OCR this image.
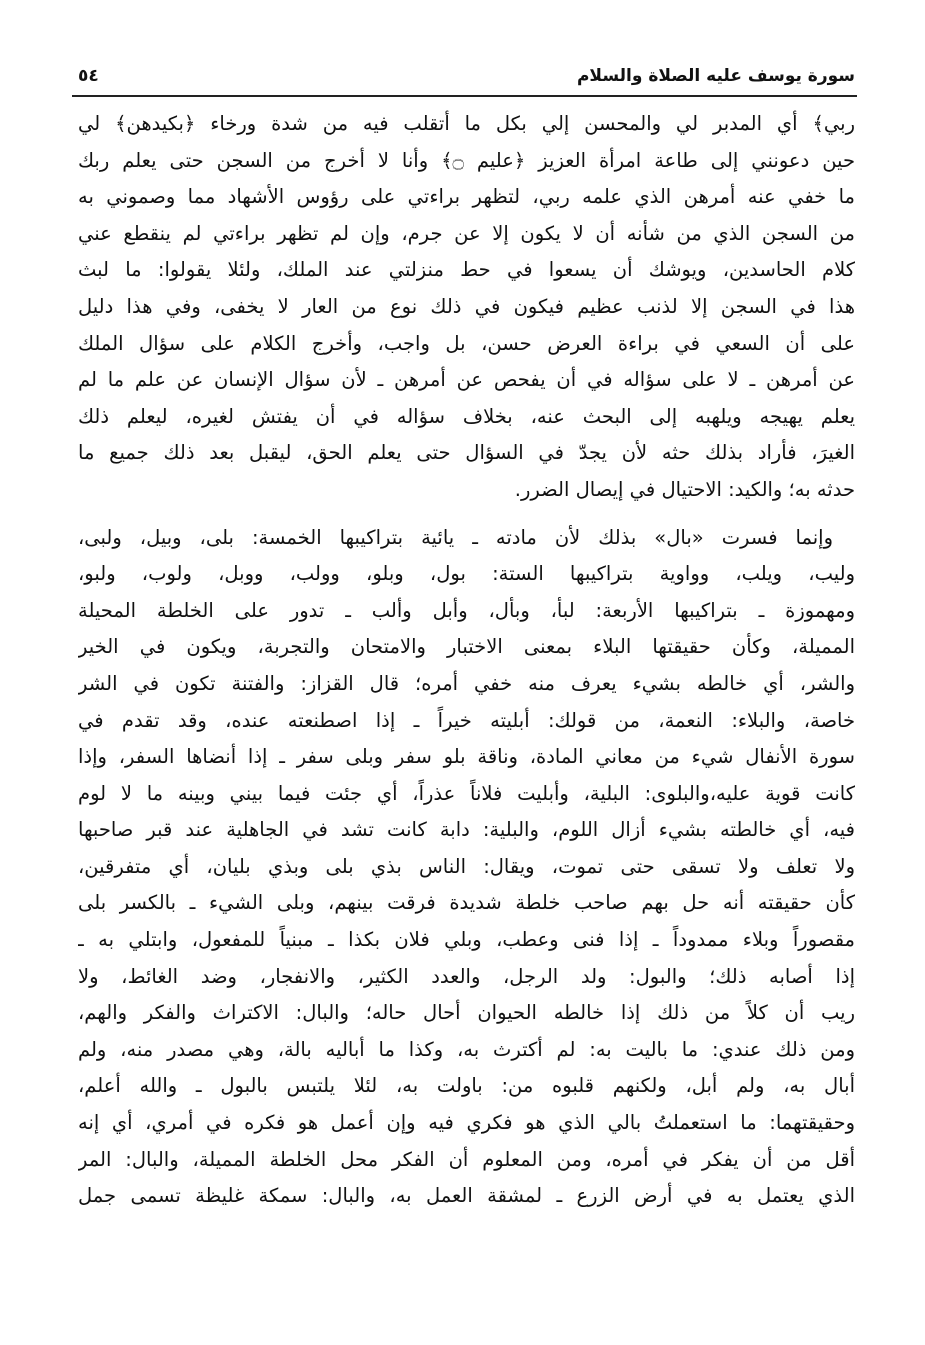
سورة يوسف عليه الصلاة والسلام
٥٤
ربي﴾ أي المدبر لي والمحسن إلي بكل ما أتقلب فيه من شدة ورخاء ﴿بكيدهن﴾ لي
حين دعونني إلى طاعة امرأة العزيز ﴿عليم ۝﴾ وأنا لا أخرج من السجن حتى يعلم ربك
ما خفي عنه أمرهن الذي علمه ربي، لتظهر براءتي على رؤوس الأشهاد مما وصموني به
من السجن الذي من شأنه أن لا يكون إلا عن جرم، وإن لم تظهر براءتي لم ينقطع عني
كلام الحاسدين، ويوشك أن يسعوا في حط منزلتي عند الملك، ولئلا يقولوا: ما لبث
هذا في السجن إلا لذنب عظيم فيكون في ذلك نوع من العار لا يخفى، وفي هذا دليل
على أن السعي في براءة العرض حسن، بل واجب، وأخرج الكلام على سؤال الملك
عن أمرهن ـ لا على سؤاله في أن يفحص عن أمرهن ـ لأن سؤال الإنسان عن علم ما لم
يعلم يهيجه ويلهبه إلى البحث عنه، بخلاف سؤاله في أن يفتش لغيره، ليعلم ذلك
الغيرَ، فأراد بذلك حثه لأن يجدّ في السؤال حتى يعلم الحق، ليقبل بعد ذلك جميع ما
حدثه به؛ والكيد: الاحتيال في إيصال الضرر.
وإنما فسرت «بال» بذلك لأن مادته ـ يائية بتراكيبها الخمسة: بلى، وبيل، ولبى،
وليب، ويلب، وواوية بتراكيبها الستة: بول، وبلو، وولب، ووبل، ولوب، ولبو،
ومهموزة ـ بتراكيبها الأربعة: لبأ، وبأل، وأبل وألب ـ تدور على الخلطة المحيلة
المميلة، وكأن حقيقتها البلاء بمعنى الاختبار والامتحان والتجربة، ويكون في الخير
والشر، أي خالطه بشيء يعرف منه خفي أمره؛ قال القزاز: والفتنة تكون في الشر
خاصة، والبلاء: النعمة، من قولك: أبليته خيراً ـ إذا اصطنعته عنده، وقد تقدم في
سورة الأنفال شيء من معاني المادة، وناقة بلو سفر وبلى سفر ـ إذا أنضاها السفر، وإذا
كانت قوية عليه،والبلوى: البلية، وأبليت فلاناً عذراً، أي جئت فيما بيني وبينه ما لا لوم
فيه، أي خالطته بشيء أزال اللوم، والبلية: دابة كانت تشد في الجاهلية عند قبر صاحبها
ولا تعلف ولا تسقى حتى تموت، ويقال: الناس بذي بلى وبذي بليان، أي متفرقين،
كأن حقيقته أنه حل بهم صاحب خلطة شديدة فرقت بينهم، وبلى الشيء ـ بالكسر بلى
مقصوراً وبلاء ممدوداً ـ إذا فنى وعطب، وبلي فلان بكذا ـ مبنياً للمفعول، وابتلي به ـ
إذا أصابه ذلك؛ والبول: ولد الرجل، والعدد الكثير، والانفجار، وضد الغائط، ولا
ريب أن كلاً من ذلك إذا خالطه الحيوان أحال حاله؛ والبال: الاكتراث والفكر والهم،
ومن ذلك عندي: ما باليت به: لم أكترث به، وكذا ما أباليه بالة، وهي مصدر منه، ولم
أبال به، ولم أبل، ولكنهم قلبوه من: باولت به، لئلا يلتبس بالبول ـ والله أعلم،
وحقيقتهما: ما استعملتُ بالي الذي هو فكري فيه وإن أعمل هو فكره في أمري، أي إنه
أقل من أن يفكر في أمره، ومن المعلوم أن الفكر محل الخلطة المميلة، والبال: المر
الذي يعتمل به في أرض الزرع ـ لمشقة العمل به، والبال: سمكة غليظة تسمى جمل
